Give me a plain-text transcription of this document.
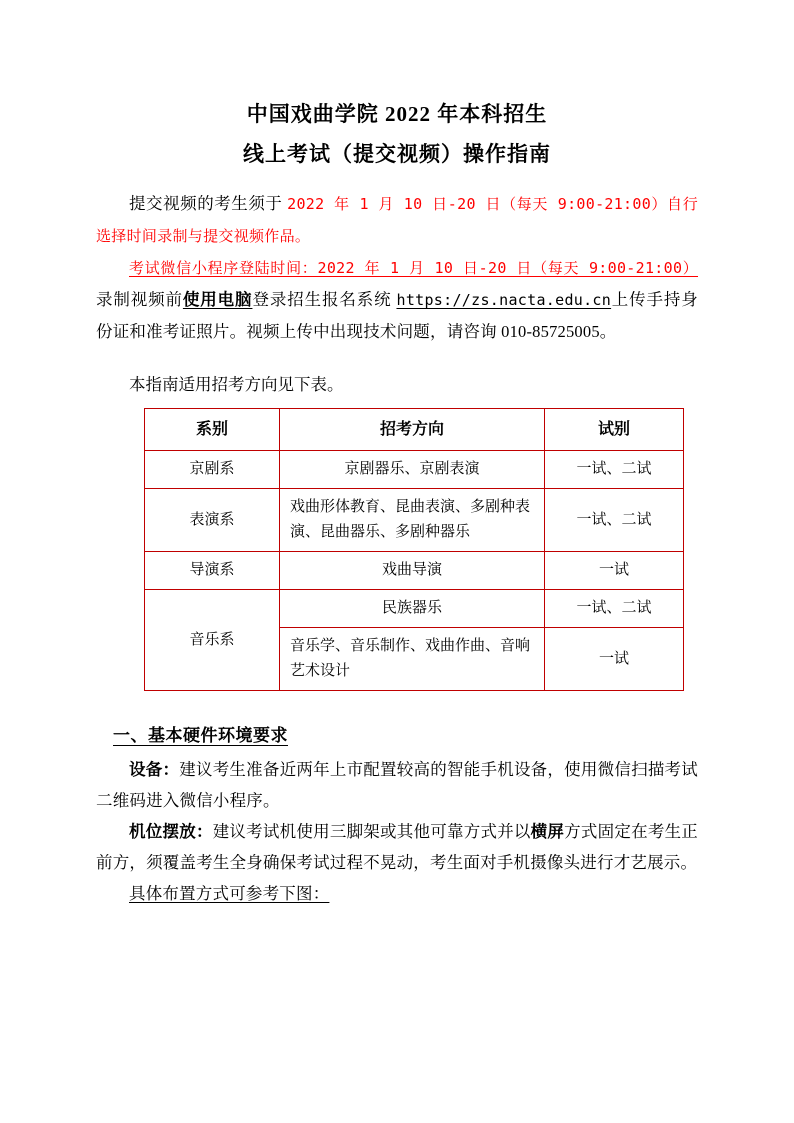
中国戏曲学院 2022 年本科招生
线上考试（提交视频）操作指南

提交视频的考生须于 2022 年 1 月 10 日-20 日（每天 9:00-21:00）自行选择时间录制与提交视频作品。

考试微信小程序登陆时间：2022 年 1 月 10 日-20 日（每天 9:00-21:00）录制视频前使用电脑登录招生报名系统 https://zs.nacta.edu.cn上传手持身份证和准考证照片。视频上传中出现技术问题，请咨询 010-85725005。

本指南适用招考方向见下表。

系别	招考方向	试别
京剧系	京剧器乐、京剧表演	一试、二试
表演系	戏曲形体教育、昆曲表演、多剧种表演、昆曲器乐、多剧种器乐	一试、二试
导演系	戏曲导演	一试
音乐系	民族器乐	一试、二试
	音乐学、音乐制作、戏曲作曲、音响艺术设计	一试
一、基本硬件环境要求

设备：建议考生准备近两年上市配置较高的智能手机设备，使用微信扫描考试二维码进入微信小程序。

机位摆放：建议考试机使用三脚架或其他可靠方式并以横屏方式固定在考生正前方，须覆盖考生全身确保考试过程不晃动，考生面对手机摄像头进行才艺展示。

具体布置方式可参考下图：
